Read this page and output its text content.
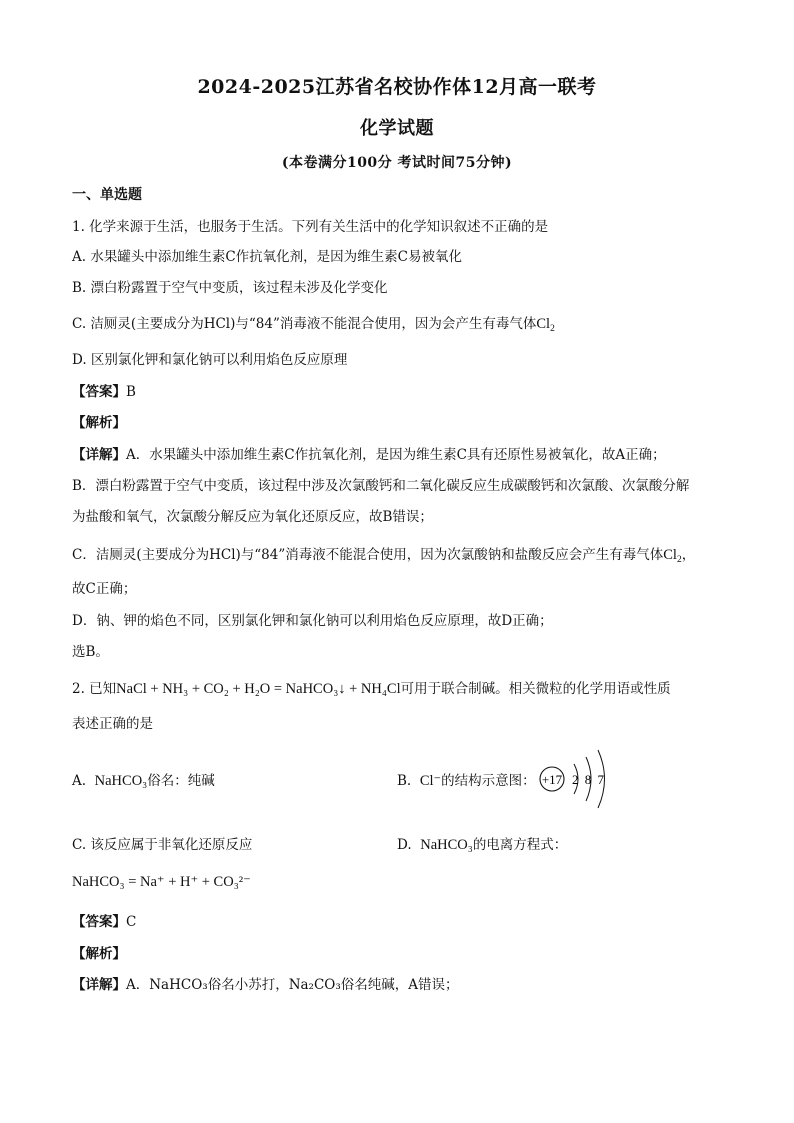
2024-2025江苏省名校协作体12月高一联考
化学试题
(本卷满分100分 考试时间75分钟)
一、单选题
1. 化学来源于生活，也服务于生活。下列有关生活中的化学知识叙述不正确的是
A. 水果罐头中添加维生素C作抗氧化剂，是因为维生素C易被氧化
B. 漂白粉露置于空气中变质，该过程未涉及化学变化
C. 洁厕灵(主要成分为HCl)与“84”消毒液不能混合使用，因为会产生有毒气体$Cl_2$
D. 区别氯化钾和氯化钠可以利用焰色反应原理
【答案】B
【解析】
【详解】A．水果罐头中添加维生素C作抗氧化剂，是因为维生素C具有还原性易被氧化，故A正确；
B．漂白粉露置于空气中变质，该过程中涉及次氯酸钙和二氧化碳反应生成碳酸钙和次氯酸、次氯酸分解
为盐酸和氧气，次氯酸分解反应为氧化还原反应，故B错误；
C．洁厕灵(主要成分为HCl)与“84”消毒液不能混合使用，因为次氯酸钠和盐酸反应会产生有毒气体$Cl_2$，
故C正确；
D．钠、钾的焰色不同，区别氯化钾和氯化钠可以利用焰色反应原理，故D正确；
选B。
2. 已知NaCl + NH₃ + CO₂ + H₂O = NaHCO₃↓ + NH₄Cl可用于联合制碱。相关微粒的化学用语或性质
表述正确的是
A. NaHCO₃俗名：纯碱	B. Cl⁻的结构示意图： +17 2 8 7
C. 该反应属于非氧化还原反应	D. NaHCO₃的电离方程式：
NaHCO₃ = Na⁺ + H⁺ + CO₃²⁻
【答案】C
【解析】
【详解】A．NaHCO₃俗名小苏打，Na₂CO₃俗名纯碱，A错误；
